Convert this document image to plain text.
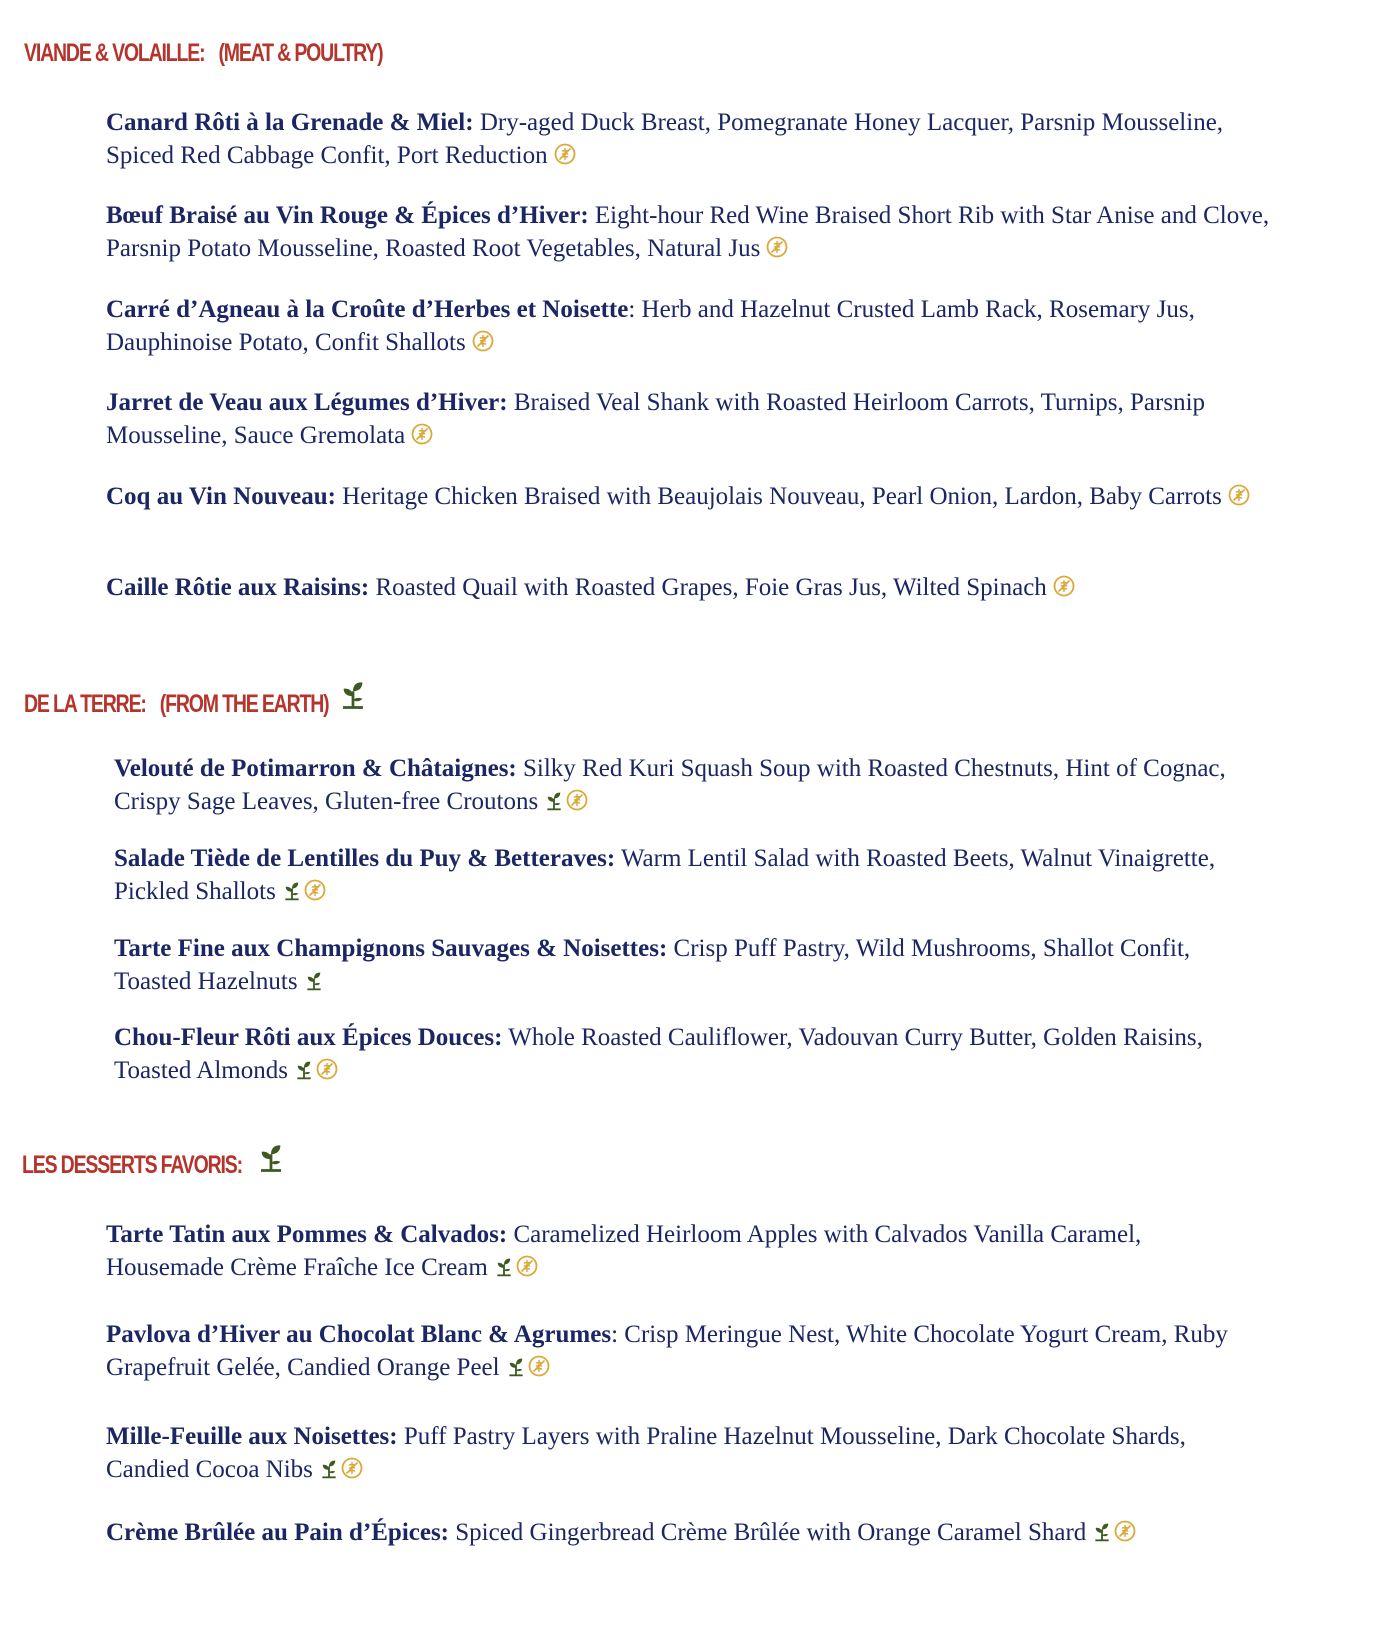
VIANDE & VOLAILLE: (MEAT & POULTRY)

Canard Rôti à la Grenade & Miel: Dry-aged Duck Breast, Pomegranate Honey Lacquer, Parsnip Mousseline, Spiced Red Cabbage Confit, Port Reduction

Bœuf Braisé au Vin Rouge & Épices d’Hiver: Eight-hour Red Wine Braised Short Rib with Star Anise and Clove, Parsnip Potato Mousseline, Roasted Root Vegetables, Natural Jus

Carré d’Agneau à la Croûte d’Herbes et Noisette: Herb and Hazelnut Crusted Lamb Rack, Rosemary Jus, Dauphinoise Potato, Confit Shallots

Jarret de Veau aux Légumes d’Hiver: Braised Veal Shank with Roasted Heirloom Carrots, Turnips, Parsnip Mousseline, Sauce Gremolata

Coq au Vin Nouveau: Heritage Chicken Braised with Beaujolais Nouveau, Pearl Onion, Lardon, Baby Carrots

Caille Rôtie aux Raisins: Roasted Quail with Roasted Grapes, Foie Gras Jus, Wilted Spinach

DE LA TERRE: (FROM THE EARTH)

Velouté de Potimarron & Châtaignes: Silky Red Kuri Squash Soup with Roasted Chestnuts, Hint of Cognac, Crispy Sage Leaves, Gluten-free Croutons

Salade Tiède de Lentilles du Puy & Betteraves: Warm Lentil Salad with Roasted Beets, Walnut Vinaigrette, Pickled Shallots

Tarte Fine aux Champignons Sauvages & Noisettes: Crisp Puff Pastry, Wild Mushrooms, Shallot Confit, Toasted Hazelnuts

Chou-Fleur Rôti aux Épices Douces: Whole Roasted Cauliflower, Vadouvan Curry Butter, Golden Raisins, Toasted Almonds

LES DESSERTS FAVORIS:

Tarte Tatin aux Pommes & Calvados: Caramelized Heirloom Apples with Calvados Vanilla Caramel, Housemade Crème Fraîche Ice Cream

Pavlova d’Hiver au Chocolat Blanc & Agrumes: Crisp Meringue Nest, White Chocolate Yogurt Cream, Ruby Grapefruit Gelée, Candied Orange Peel

Mille-Feuille aux Noisettes: Puff Pastry Layers with Praline Hazelnut Mousseline, Dark Chocolate Shards, Candied Cocoa Nibs

Crème Brûlée au Pain d’Épices: Spiced Gingerbread Crème Brûlée with Orange Caramel Shard
